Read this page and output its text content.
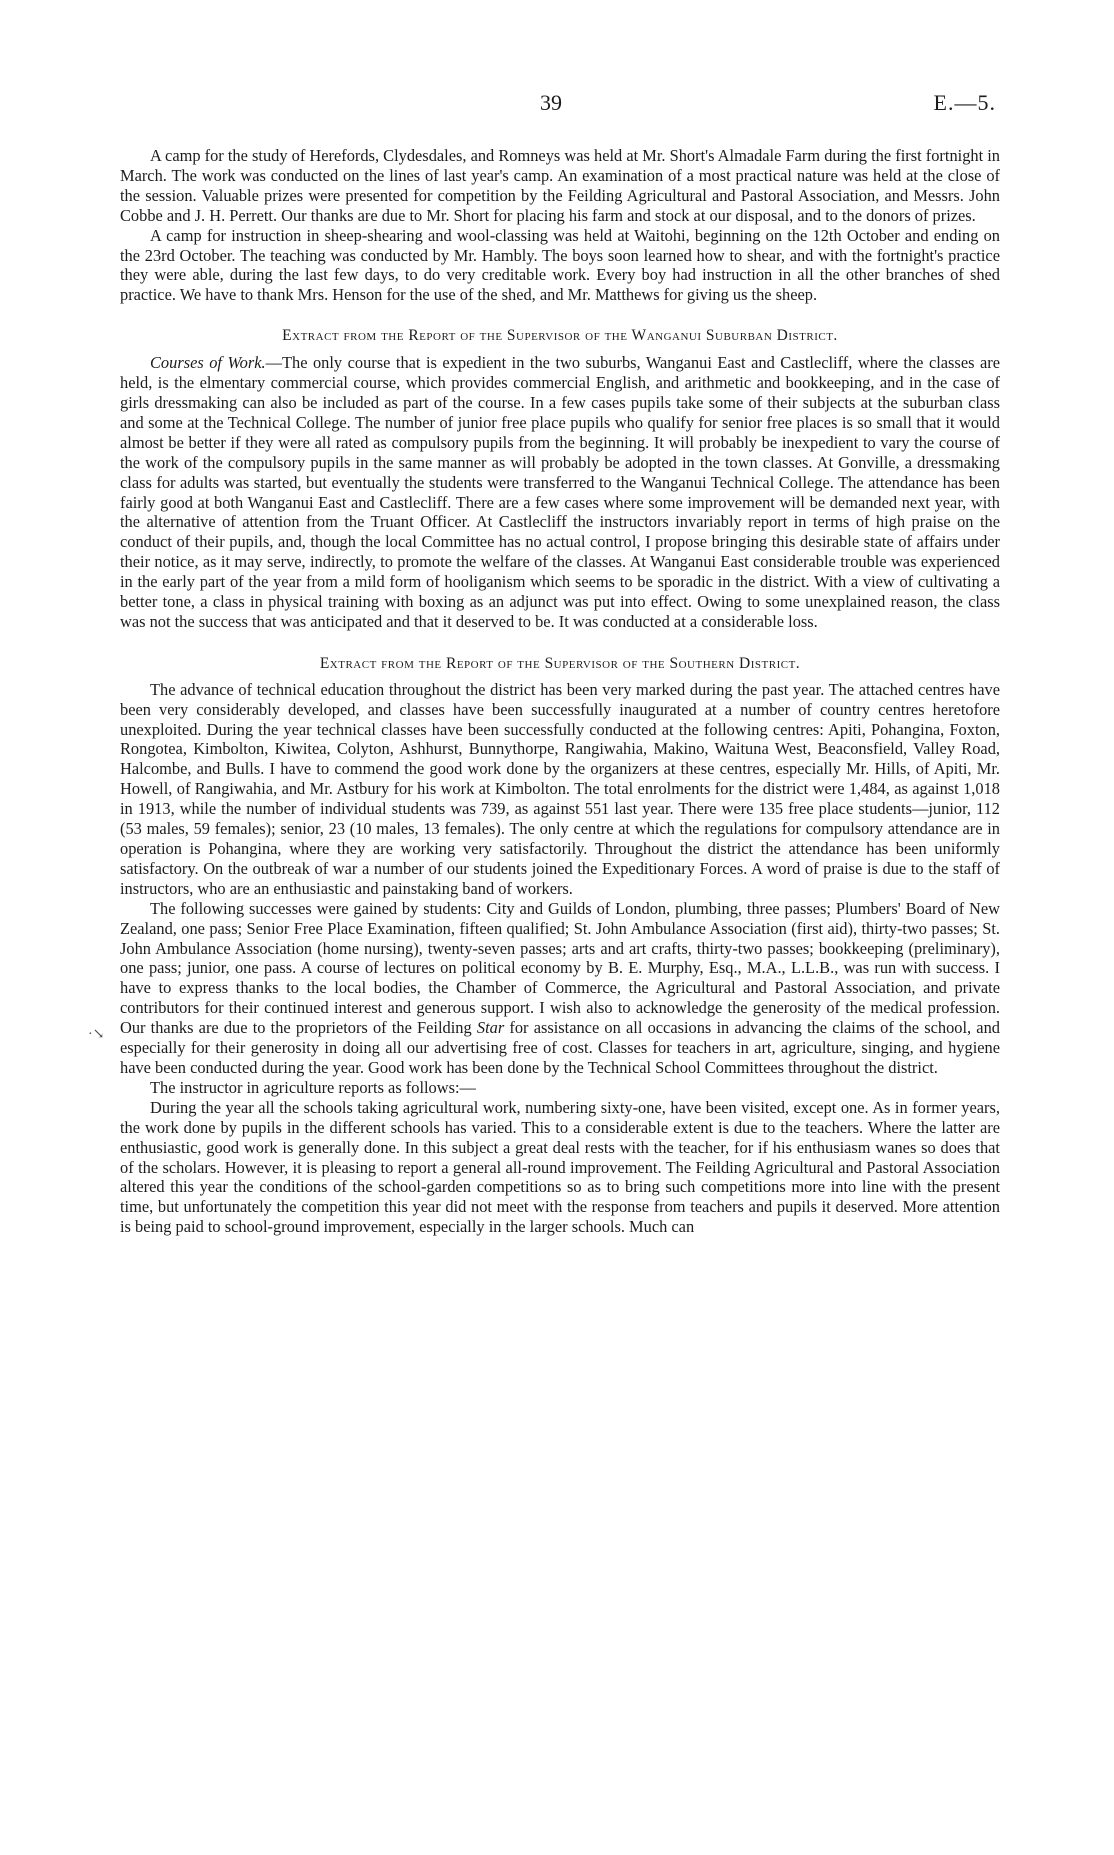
39	E.—5.
·↘

A camp for the study of Herefords, Clydesdales, and Romneys was held at Mr. Short's Almadale Farm during the first fortnight in March. The work was conducted on the lines of last year's camp. An examination of a most practical nature was held at the close of the session. Valuable prizes were presented for competition by the Feilding Agricultural and Pastoral Association, and Messrs. John Cobbe and J. H. Perrett. Our thanks are due to Mr. Short for placing his farm and stock at our disposal, and to the donors of prizes.

A camp for instruction in sheep-shearing and wool-classing was held at Waitohi, beginning on the 12th October and ending on the 23rd October. The teaching was conducted by Mr. Hambly. The boys soon learned how to shear, and with the fortnight's practice they were able, during the last few days, to do very creditable work. Every boy had instruction in all the other branches of shed practice. We have to thank Mrs. Henson for the use of the shed, and Mr. Matthews for giving us the sheep.

Extract from the Report of the Supervisor of the Wanganui Suburban District.

Courses of Work.—The only course that is expedient in the two suburbs, Wanganui East and Castlecliff, where the classes are held, is the elmentary commercial course, which provides commercial English, and arithmetic and bookkeeping, and in the case of girls dressmaking can also be included as part of the course. In a few cases pupils take some of their subjects at the suburban class and some at the Technical College. The number of junior free place pupils who qualify for senior free places is so small that it would almost be better if they were all rated as compulsory pupils from the beginning. It will probably be inexpedient to vary the course of the work of the compulsory pupils in the same manner as will probably be adopted in the town classes. At Gonville, a dressmaking class for adults was started, but eventually the students were transferred to the Wanganui Technical College. The attendance has been fairly good at both Wanganui East and Castlecliff. There are a few cases where some improvement will be demanded next year, with the alternative of attention from the Truant Officer. At Castlecliff the instructors invariably report in terms of high praise on the conduct of their pupils, and, though the local Committee has no actual control, I propose bringing this desirable state of affairs under their notice, as it may serve, indirectly, to promote the welfare of the classes. At Wanganui East considerable trouble was experienced in the early part of the year from a mild form of hooliganism which seems to be sporadic in the district. With a view of cultivating a better tone, a class in physical training with boxing as an adjunct was put into effect. Owing to some unexplained reason, the class was not the success that was anticipated and that it deserved to be. It was conducted at a considerable loss.

Extract from the Report of the Supervisor of the Southern District.

The advance of technical education throughout the district has been very marked during the past year. The attached centres have been very considerably developed, and classes have been successfully inaugurated at a number of country centres heretofore unexploited. During the year technical classes have been successfully conducted at the following centres: Apiti, Pohangina, Foxton, Rongotea, Kimbolton, Kiwitea, Colyton, Ashhurst, Bunnythorpe, Rangiwahia, Makino, Waituna West, Beaconsfield, Valley Road, Halcombe, and Bulls. I have to commend the good work done by the organizers at these centres, especially Mr. Hills, of Apiti, Mr. Howell, of Rangiwahia, and Mr. Astbury for his work at Kimbolton. The total enrolments for the district were 1,484, as against 1,018 in 1913, while the number of individual students was 739, as against 551 last year. There were 135 free place students—junior, 112 (53 males, 59 females); senior, 23 (10 males, 13 females). The only centre at which the regulations for compulsory attendance are in operation is Pohangina, where they are working very satisfactorily. Throughout the district the attendance has been uniformly satisfactory. On the outbreak of war a number of our students joined the Expeditionary Forces. A word of praise is due to the staff of instructors, who are an enthusiastic and painstaking band of workers.

The following successes were gained by students: City and Guilds of London, plumbing, three passes; Plumbers' Board of New Zealand, one pass; Senior Free Place Examination, fifteen qualified; St. John Ambulance Association (first aid), thirty-two passes; St. John Ambulance Association (home nursing), twenty-seven passes; arts and art crafts, thirty-two passes; bookkeeping (preliminary), one pass; junior, one pass. A course of lectures on political economy by B. E. Murphy, Esq., M.A., L.L.B., was run with success. I have to express thanks to the local bodies, the Chamber of Commerce, the Agricultural and Pastoral Association, and private contributors for their continued interest and generous support. I wish also to acknowledge the generosity of the medical profession. Our thanks are due to the proprietors of the Feilding Star for assistance on all occasions in advancing the claims of the school, and especially for their generosity in doing all our advertising free of cost. Classes for teachers in art, agriculture, singing, and hygiene have been conducted during the year. Good work has been done by the Technical School Committees throughout the district.

The instructor in agriculture reports as follows:—

During the year all the schools taking agricultural work, numbering sixty-one, have been visited, except one. As in former years, the work done by pupils in the different schools has varied. This to a considerable extent is due to the teachers. Where the latter are enthusiastic, good work is generally done. In this subject a great deal rests with the teacher, for if his enthusiasm wanes so does that of the scholars. However, it is pleasing to report a general all-round improvement. The Feilding Agricultural and Pastoral Association altered this year the conditions of the school-garden competitions so as to bring such competitions more into line with the present time, but unfortunately the competition this year did not meet with the response from teachers and pupils it deserved. More attention is being paid to school-ground improvement, especially in the larger schools. Much can
